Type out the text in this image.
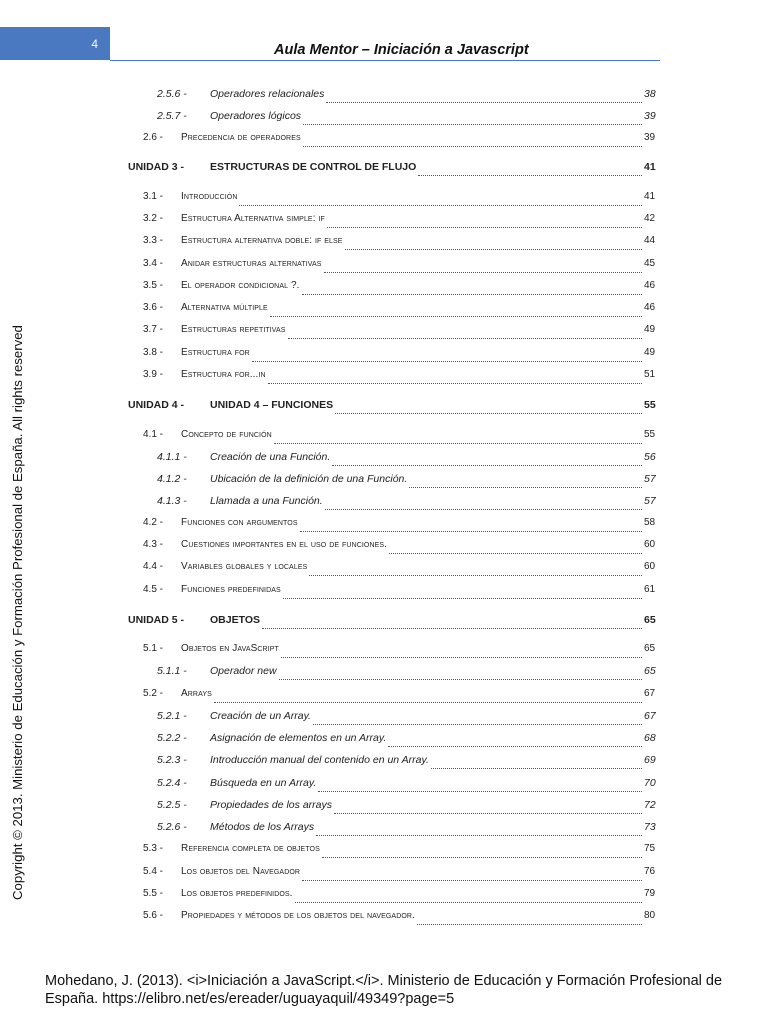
4	Aula Mentor – Iniciación a Javascript
Copyright © 2013. Ministerio de Educación y Formación Profesional de España. All rights reserved
2.5.6 - Operadores relacionales	38
2.5.7 - Operadores lógicos	39
2.6 - Precedencia de operadores	39
UNIDAD 3 - ESTRUCTURAS DE CONTROL DE FLUJO	41
3.1 - Introducción	41
3.2 - Estructura Alternativa simple: if	42
3.3 - Estructura alternativa doble: if else	44
3.4 - Anidar estructuras alternativas	45
3.5 - El operador condicional ?.	46
3.6 - Alternativa múltiple	46
3.7 - Estructuras repetitivas	49
3.8 - Estructura for	49
3.9 - Estructura for...in	51
UNIDAD 4 - UNIDAD 4 – FUNCIONES	55
4.1 - Concepto de función	55
4.1.1 - Creación de una Función.	56
4.1.2 - Ubicación de la definición de una Función.	57
4.1.3 - Llamada a una Función.	57
4.2 - Funciones con argumentos	58
4.3 - Cuestiones importantes en el uso de funciones.	60
4.4 - Variables globales y locales	60
4.5 - Funciones predefinidas	61
UNIDAD 5 - OBJETOS	65
5.1 - Objetos en JavaScript	65
5.1.1 - Operador new	65
5.2 - Arrays	67
5.2.1 - Creación de un Array.	67
5.2.2 - Asignación de elementos en un Array.	68
5.2.3 - Introducción manual del contenido en un Array.	69
5.2.4 - Búsqueda en un Array.	70
5.2.5 - Propiedades de los arrays	72
5.2.6 - Métodos de los Arrays	73
5.3 - Referencia completa de objetos	75
5.4 - Los objetos del Navegador	76
5.5 - Los objetos predefinidos.	79
5.6 - Propiedades y métodos de los objetos del navegador.	80
Mohedano, J. (2013). <i>Iniciación a JavaScript.</i>. Ministerio de Educación y Formación Profesional de España. https://elibro.net/es/ereader/uguayaquil/49349?page=5
